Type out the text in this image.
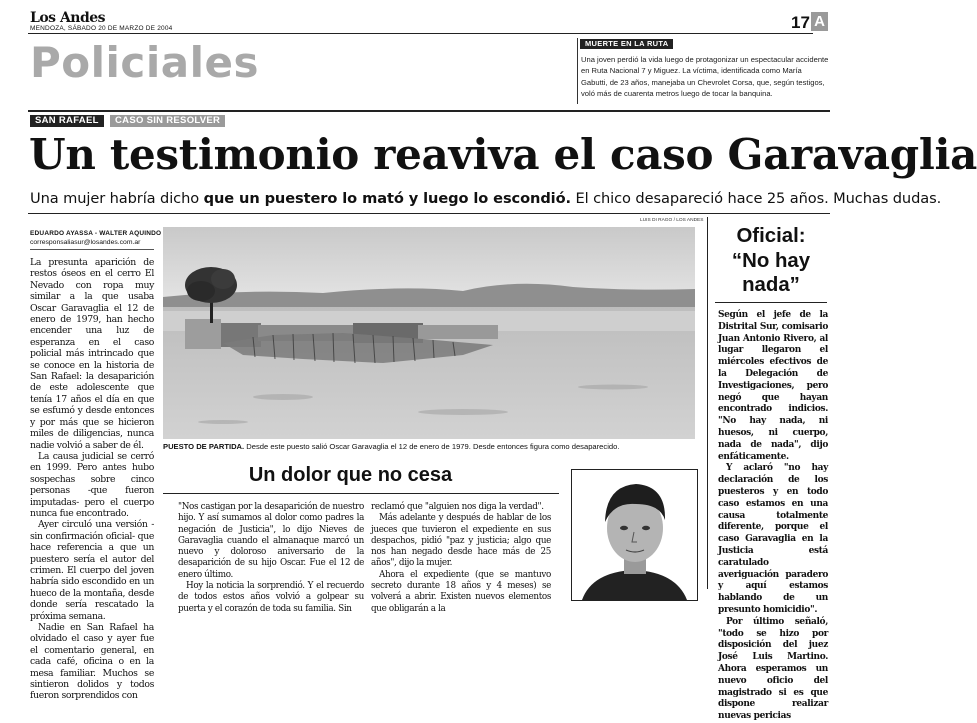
Los Andes
MENDOZA, SÁBADO 20 DE MARZO DE 2004	17 A
Policiales	MUERTE EN LA RUTA
Una joven perdió la vida luego de protagonizar un espectacular accidente en Ruta Nacional 7 y Miguez. La víctima, identificada como María Gabutti, de 23 años, manejaba un Chevrolet Corsa, que, según testigos, voló más de cuarenta metros luego de tocar la banquina.
SAN RAFAEL	CASO SIN RESOLVER
Un testimonio reaviva el caso Garavaglia
Una mujer habría dicho que un puestero lo mató y luego lo escondió. El chico desapareció hace 25 años. Muchas dudas.
EDUARDO AYASSA - WALTER AQUINDO
corresponsaliasur@losandes.com.ar

La presunta aparición de restos óseos en el cerro El Nevado con ropa muy similar a la que usaba Oscar Garavaglia el 12 de enero de 1979, han hecho encender una luz de esperanza en el caso policial más intrincado que se conoce en la historia de San Rafael: la desaparición de este adolescente que tenía 17 años el día en que se esfumó y desde entonces y por más que se hicieron miles de diligencias, nunca nadie volvió a saber de él.

La causa judicial se cerró en 1999. Pero antes hubo sospechas sobre cinco personas -que fueron imputadas- pero el cuerpo nunca fue encontrado.

Ayer circuló una versión -sin confirmación oficial- que hace referencia a que un puestero sería el autor del crimen. El cuerpo del joven habría sido escondido en un hueco de la montaña, desde donde sería rescatado la próxima semana.

Nadie en San Rafael ha olvidado el caso y ayer fue el comentario general, en cada café, oficina o en la mesa familiar. Muchos se sintieron dolidos y todos fueron sorprendidos con

LUIS DI RAGO / LOS ANDES
PUESTO DE PARTIDA. Desde este puesto salió Oscar Garavaglia el 12 de enero de 1979. Desde entonces figura como desaparecido.
Oficial: “No hay nada”

Según el jefe de la Distrital Sur, comisario Juan Antonio Rivero, al lugar llegaron el miércoles efectivos de la Delegación de Investigaciones, pero negó que hayan encontrado indicios. "No hay nada, ni huesos, ni cuerpo, nada de nada", dijo enfáticamente.

Y aclaró "no hay declaración de los puesteros y en todo caso estamos en una causa totalmente diferente, porque el caso Garavaglia en la Justicia está caratulado averiguación paradero y aquí estamos hablando de un presunto homicidio".

Por último señaló, "todo se hizo por disposición del juez José Luis Martino. Ahora esperamos un nuevo oficio del magistrado si es que dispone realizar nuevas pericias

Un dolor que no cesa

"Nos castigan por la desaparición de nuestro hijo. Y así sumamos al dolor como padres la negación de Justicia", lo dijo Nieves de Garavaglia cuando el almanaque marcó un nuevo y doloroso aniversario de la desaparición de su hijo Oscar. Fue el 12 de enero último.

Hoy la noticia la sorprendió. Y el recuerdo de todos estos años volvió a golpear su puerta y el corazón de toda su familia. Sin

reclamó que "alguien nos diga la verdad".

Más adelante y después de hablar de los jueces que tuvieron el expediente en sus despachos, pidió "paz y justicia; algo que nos han negado desde hace más de 25 años", dijo la mujer.

Ahora el expediente (que se mantuvo secreto durante 18 años y 4 meses) se volverá a abrir. Existen nuevos elementos que obligarán a la
